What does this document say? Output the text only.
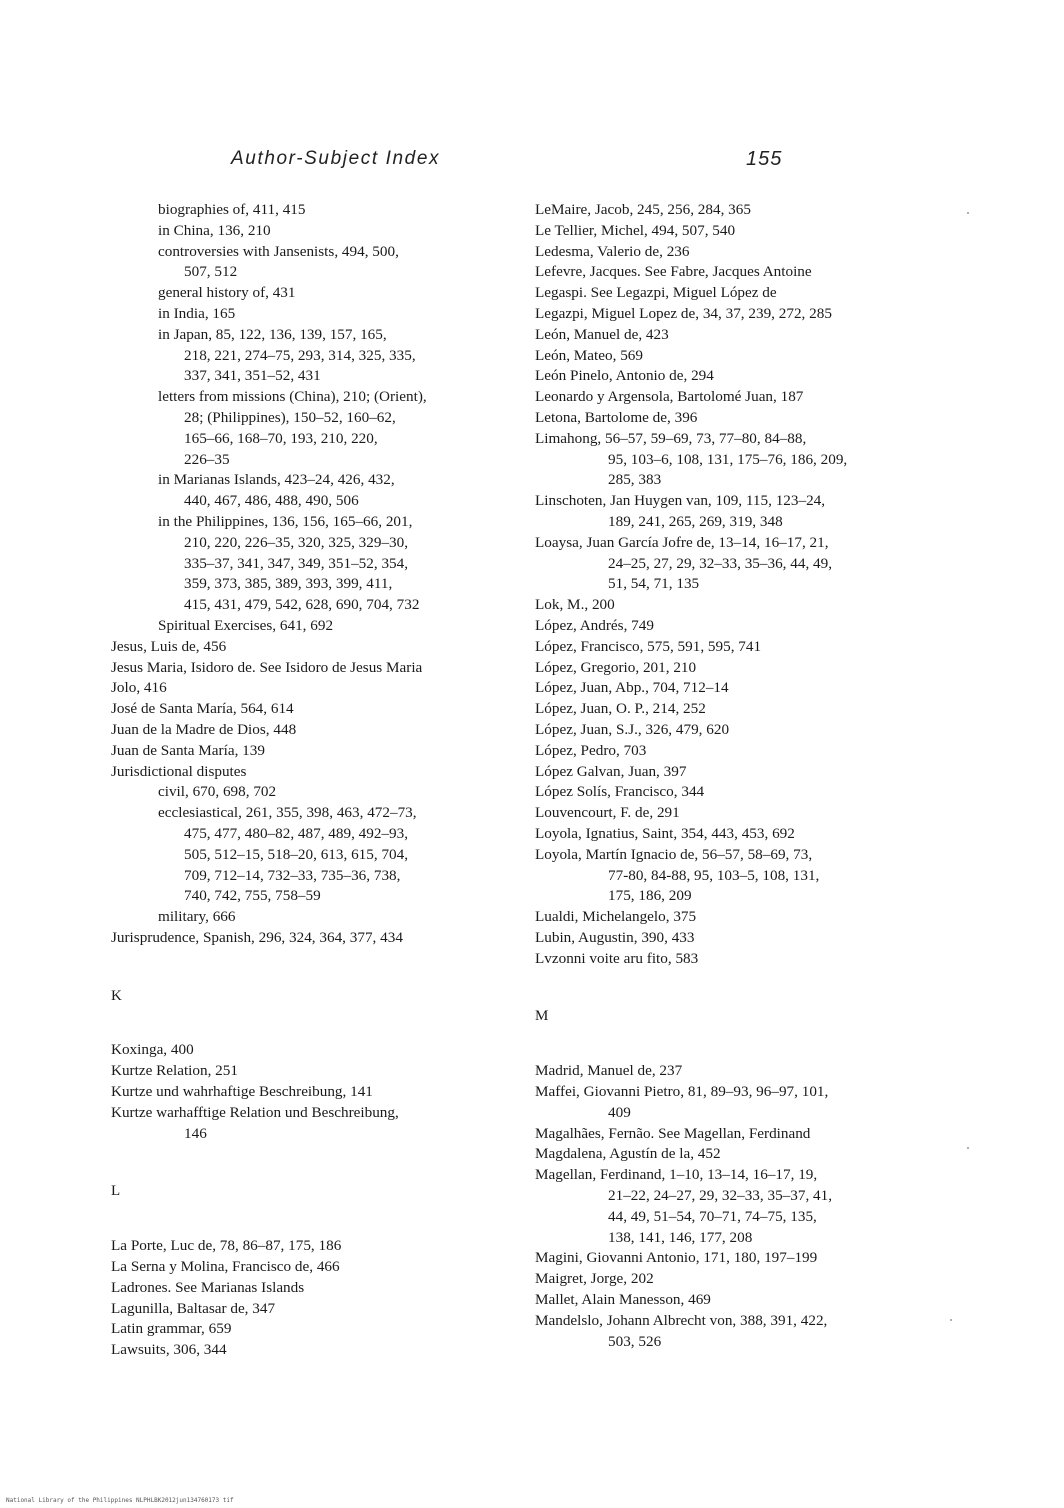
Author-Subject Index	155
biographies of, 411, 415
in China, 136, 210
controversies with Jansenists, 494, 500,
507, 512
general history of, 431
in India, 165
in Japan, 85, 122, 136, 139, 157, 165,
218, 221, 274–75, 293, 314, 325, 335,
337, 341, 351–52, 431
letters from missions (China), 210; (Orient),
28; (Philippines), 150–52, 160–62,
165–66, 168–70, 193, 210, 220,
226–35
in Marianas Islands, 423–24, 426, 432,
440, 467, 486, 488, 490, 506
in the Philippines, 136, 156, 165–66, 201,
210, 220, 226–35, 320, 325, 329–30,
335–37, 341, 347, 349, 351–52, 354,
359, 373, 385, 389, 393, 399, 411,
415, 431, 479, 542, 628, 690, 704, 732
Spiritual Exercises, 641, 692
Jesus, Luis de, 456
Jesus Maria, Isidoro de. See Isidoro de Jesus Maria
Jolo, 416
José de Santa María, 564, 614
Juan de la Madre de Dios, 448
Juan de Santa María, 139
Jurisdictional disputes
civil, 670, 698, 702
ecclesiastical, 261, 355, 398, 463, 472–73,
475, 477, 480–82, 487, 489, 492–93,
505, 512–15, 518–20, 613, 615, 704,
709, 712–14, 732–33, 735–36, 738,
740, 742, 755, 758–59
military, 666
Jurisprudence, Spanish, 296, 324, 364, 377, 434
K
Koxinga, 400
Kurtze Relation, 251
Kurtze und wahrhaftige Beschreibung, 141
Kurtze warhafftige Relation und Beschreibung,
146
L
La Porte, Luc de, 78, 86–87, 175, 186
La Serna y Molina, Francisco de, 466
Ladrones. See Marianas Islands
Lagunilla, Baltasar de, 347
Latin grammar, 659
Lawsuits, 306, 344
LeMaire, Jacob, 245, 256, 284, 365
Le Tellier, Michel, 494, 507, 540
Ledesma, Valerio de, 236
Lefevre, Jacques. See Fabre, Jacques Antoine
Legaspi. See Legazpi, Miguel López de
Legazpi, Miguel Lopez de, 34, 37, 239, 272, 285
León, Manuel de, 423
León, Mateo, 569
León Pinelo, Antonio de, 294
Leonardo y Argensola, Bartolomé Juan, 187
Letona, Bartolome de, 396
Limahong, 56–57, 59–69, 73, 77–80, 84–88,
95, 103–6, 108, 131, 175–76, 186, 209,
285, 383
Linschoten, Jan Huygen van, 109, 115, 123–24,
189, 241, 265, 269, 319, 348
Loaysa, Juan García Jofre de, 13–14, 16–17, 21,
24–25, 27, 29, 32–33, 35–36, 44, 49,
51, 54, 71, 135
Lok, M., 200
López, Andrés, 749
López, Francisco, 575, 591, 595, 741
López, Gregorio, 201, 210
López, Juan, Abp., 704, 712–14
López, Juan, O. P., 214, 252
López, Juan, S.J., 326, 479, 620
López, Pedro, 703
López Galvan, Juan, 397
López Solís, Francisco, 344
Louvencourt, F. de, 291
Loyola, Ignatius, Saint, 354, 443, 453, 692
Loyola, Martín Ignacio de, 56–57, 58–69, 73,
77-80, 84-88, 95, 103–5, 108, 131,
175, 186, 209
Lualdi, Michelangelo, 375
Lubin, Augustin, 390, 433
Lvzonni voite aru fito, 583
M
Madrid, Manuel de, 237
Maffei, Giovanni Pietro, 81, 89–93, 96–97, 101,
409
Magalhães, Fernão. See Magellan, Ferdinand
Magdalena, Agustín de la, 452
Magellan, Ferdinand, 1–10, 13–14, 16–17, 19,
21–22, 24–27, 29, 32–33, 35–37, 41,
44, 49, 51–54, 70–71, 74–75, 135,
138, 141, 146, 177, 208
Magini, Giovanni Antonio, 171, 180, 197–199
Maigret, Jorge, 202
Mallet, Alain Manesson, 469
Mandelslo, Johann Albrecht von, 388, 391, 422,
503, 526
National Library of the Philippines NLPHLBK2012jun134760173 tif
